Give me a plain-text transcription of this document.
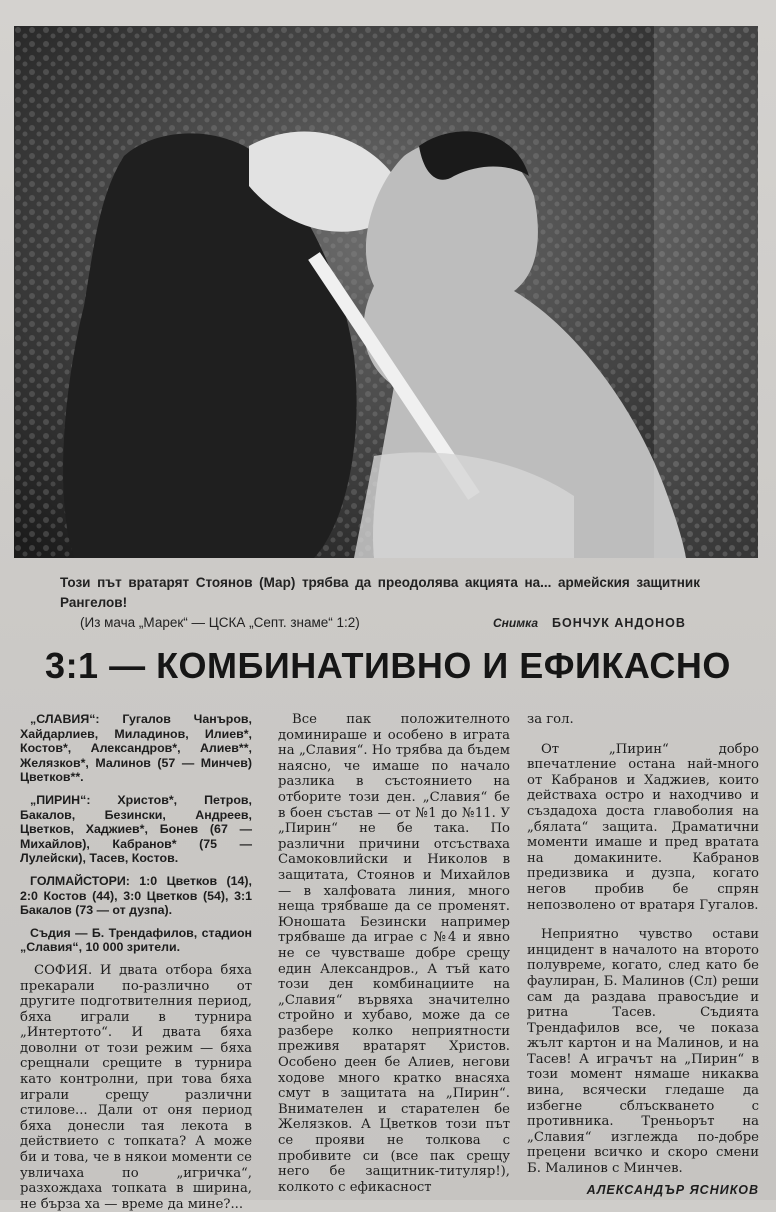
Този път вратарят Стоянов (Мар) трябва да преодолява акцията на... армейския защитник Рангелов!
(Из мача „Марек“ — ЦСКА „Септ. знаме“ 1:2)	Снимка БОНЧУК АНДОНОВ
3:1 — КОМБИНАТИВНО И ЕФИКАСНО

„СЛАВИЯ“: Гугалов Чанъров, Хайдарлиев, Миладинов, Илиев*, Костов*, Александров*, Алиев**, Желязков*, Малинов (57 — Минчев) Цветков**.

„ПИРИН“: Христов*, Петров, Бакалов, Безински, Андреев, Цветков, Хаджиев*, Бонев (67 — Михайлов), Кабранов* (75 — Лулейски), Тасев, Костов.

ГОЛМАЙСТОРИ: 1:0 Цветков (14), 2:0 Костов (44), 3:0 Цветков (54), 3:1 Бакалов (73 — от дузпа).

Съдия — Б. Трендафилов, стадион „Славия“, 10 000 зрители.

СОФИЯ. И двата отбора бяха прекарали по-различно от другите подготвителния период, бяха играли в турнира „Интертото“. И двата бяха доволни от този режим — бяха срещнали срещите в турнира като контролни, при това бяха играли срещу различни стилове... Дали от оня период бяха донесли тая лекота в действието с топката? А може би и това, че в някои моменти се увличаха по „игричка“, разхождаха топката в ширина, не бърза ха — време да мине?...

Все пак положителното доминираше и особено в играта на „Славия“. Но трябва да бъдем наясно, че имаше по начало разлика в състоянието на отборите този ден. „Славия“ бе в боен състав — от №1 до №11. У „Пирин“ не бе така. По различни причини отсъстваха Самоковлийски и Николов в защитата, Стоянов и Михайлов — в халфовата линия, много неща трябваше да се променят. Юношата Безински например трябваше да играе с №4 и явно не се чувстваше добре срещу един Александров., А тъй като този ден комбинациите на „Славия“ вървяха значително стройно и хубаво, може да се разбере колко неприятности преживя вратарят Христов. Особено деен бе Алиев, негови ходове много кратко внасяха смут в защитата на „Пирин“. Внимателен и старателен бе Желязков. А Цветков този път се прояви не толкова с пробивите си (все пак срещу него бе защитник-титуляр!), колкото с ефикасност

за гол.

От „Пирин“ добро впечатление остана най-много от Кабранов и Хаджиев, които действаха остро и находчиво и създадоха доста главоболия на „бялата“ защита. Драматични моменти имаше и пред вратата на домакините. Кабранов предизвика и дузпа, когато негов пробив бе спрян непозволено от вратаря Гугалов.

Неприятно чувство остави инцидент в началото на второто полувреме, когато, след като бе фаулиран, Б. Малинов (Сл) реши сам да раздава правосъдие и ритна Тасев. Съдията Трендафилов все, че показа жълт картон и на Малинов, и на Тасев! А играчът на „Пирин“ в този момент нямаше никаква вина, всячески гледаше да избегне сблъскването с противника. Треньорът на „Славия“ изглежда по-добре прецени всичко и скоро смени Б. Малинов с Минчев.

АЛЕКСАНДЪР ЯСНИКОВ
